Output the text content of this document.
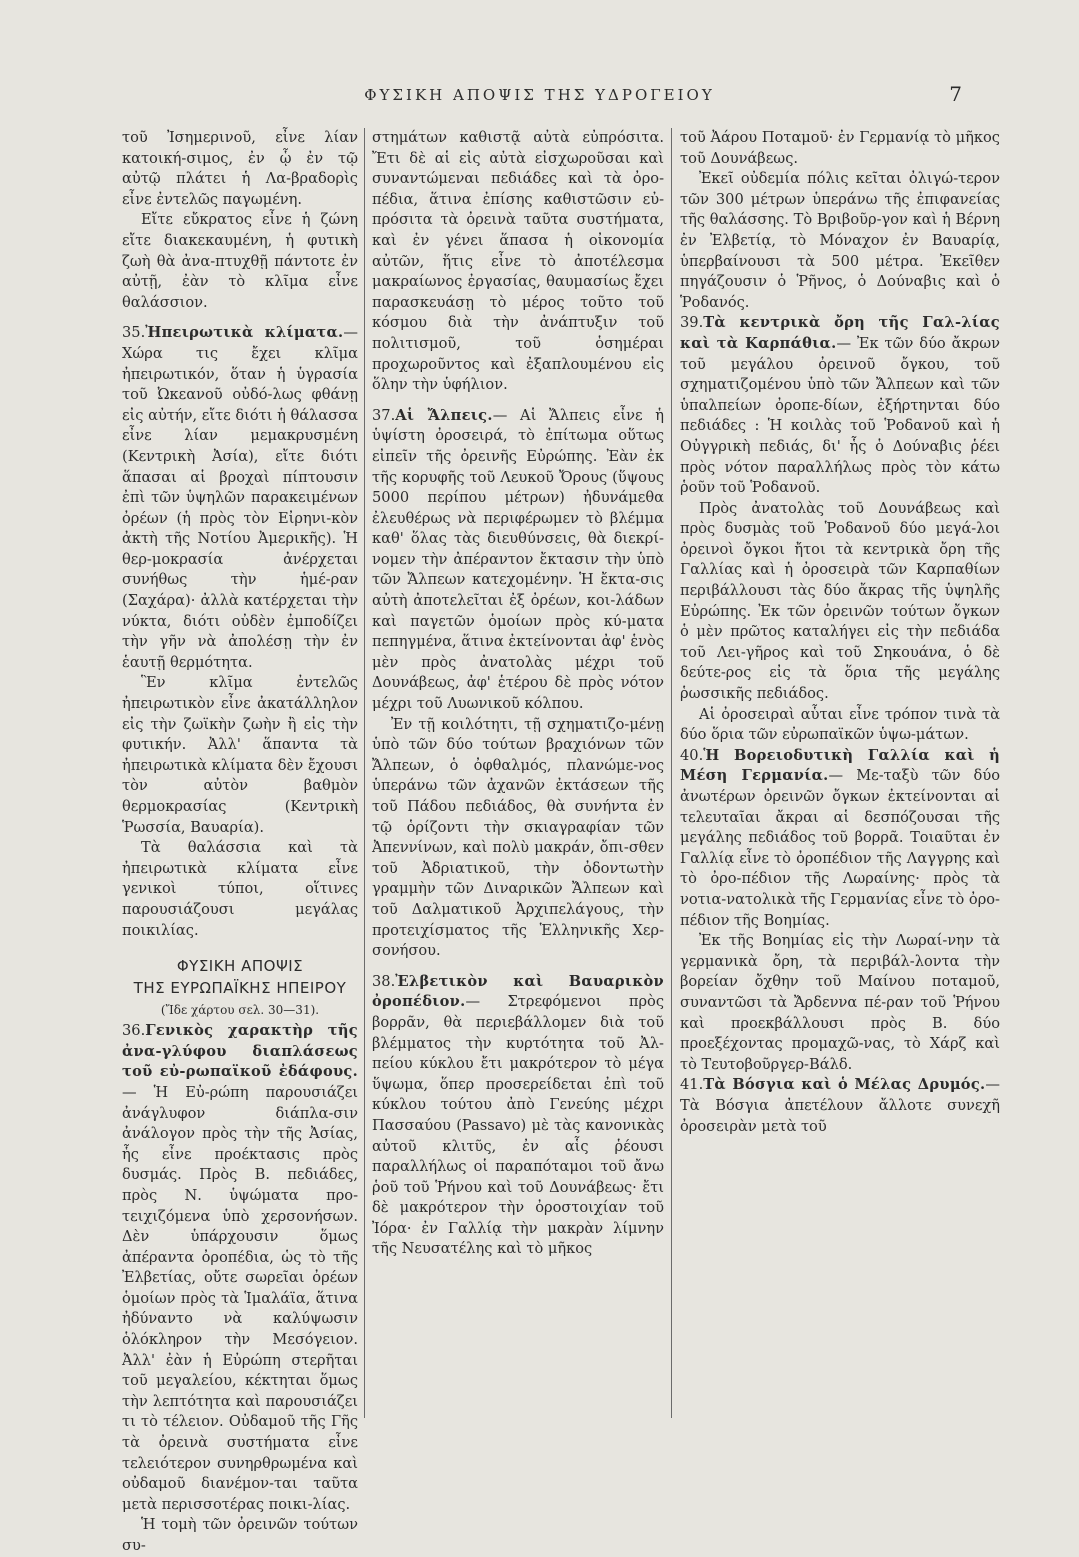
ΦΥΣΙΚΗ ΑΠΟΨΙΣ ΤΗΣ ΥΔΡΟΓΕΙΟΥ	7

τοῦ Ἰσημερινοῦ, εἶνε λίαν κατοική-σιμος, ἐν ᾧ ἐν τῷ αὐτῷ πλάτει ἡ Λα-βραδορὶς εἶνε ἐντελῶς παγωμένη.

Εἴτε εὔκρατος εἶνε ἡ ζώνη εἴτε διακεκαυμένη, ἡ φυτικὴ ζωὴ θὰ ἀνα-πτυχθῇ πάντοτε ἐν αὐτῇ, ἐὰν τὸ κλῖμα εἶνε θαλάσσιον.

35.Ἠπειρωτικὰ κλίματα.— Χώρα τις ἔχει κλῖμα ἠπειρωτικόν, ὅταν ἡ ὑγρασία τοῦ Ὠκεανοῦ οὐδό-λως φθάνῃ εἰς αὐτήν, εἴτε διότι ἡ θάλασσα εἶνε λίαν μεμακρυσμένη (Κεντρικὴ Ἀσία), εἴτε διότι ἅπασαι αἱ βροχαὶ πίπτουσιν ἐπὶ τῶν ὑψηλῶν παρακειμένων ὀρέων (ἡ πρὸς τὸν Εἰρηνι-κὸν ἀκτὴ τῆς Νοτίου Ἀμερικῆς). Ἡ θερ-μοκρασία ἀνέρχεται συνήθως τὴν ἡμέ-ραν (Σαχάρα)· ἀλλὰ κατέρχεται τὴν νύκτα, διότι οὐδὲν ἐμποδίζει τὴν γῆν νὰ ἀπολέσῃ τὴν ἐν ἑαυτῇ θερμότητα.

Ἓν κλῖμα ἐντελῶς ἠπειρωτικὸν εἶνε ἀκατάλληλον εἰς τὴν ζωϊκὴν ζωὴν ἢ εἰς τὴν φυτικήν. Ἀλλ' ἅπαντα τὰ ἠπειρωτικὰ κλίματα δὲν ἔχουσι τὸν αὐτὸν βαθμὸν θερμοκρασίας (Κεντρικὴ Ῥωσσία, Βαυαρία).

Τὰ θαλάσσια καὶ τὰ ἠπειρωτικὰ κλίματα εἶνε γενικοὶ τύποι, οἵτινες παρουσιάζουσι μεγάλας ποικιλίας.

ΦΥΣΙΚΗ ΑΠΟΨΙΣ
ΤΗΣ ΕΥΡΩΠΑΪΚΗΣ ΗΠΕΙΡΟΥ
(Ἴδε χάρτου σελ. 30—31).

36.Γενικὸς χαρακτὴρ τῆς ἀνα-γλύφου διαπλάσεως τοῦ εὐ-ρωπαϊκοῦ ἐδάφους.— Ἡ Εὐ-ρώπη παρουσιάζει ἀνάγλυφον διάπλα-σιν ἀνάλογον πρὸς τὴν τῆς Ἀσίας, ἧς εἶνε προέκτασις πρὸς δυσμάς. Πρὸς Β. πεδιάδες, πρὸς Ν. ὑψώματα προ-τειχιζόμενα ὑπὸ χερσονήσων. Δὲν ὑπάρχουσιν ὅμως ἀπέραντα ὀροπέδια, ὡς τὸ τῆς Ἐλβετίας, οὔτε σωρεῖαι ὀρέων ὁμοίων πρὸς τὰ Ἱμαλάϊα, ἅτινα ἠδύναντο νὰ καλύψωσιν ὁλόκληρον τὴν Μεσόγειον. Ἀλλ' ἐὰν ἡ Εὐρώπη στερῆται τοῦ μεγαλείου, κέκτηται ὅμως τὴν λεπτότητα καὶ παρουσιάζει τι τὸ τέλειον. Οὐδαμοῦ τῆς Γῆς τὰ ὀρεινὰ συστήματα εἶνε τελειότερον συνηρθρωμένα καὶ οὐδαμοῦ διανέμον-ται ταῦτα μετὰ περισσοτέρας ποικι-λίας.

Ἡ τομὴ τῶν ὀρεινῶν τούτων συ-

στημάτων καθιστᾷ αὐτὰ εὐπρόσιτα. Ἔτι δὲ αἱ εἰς αὐτὰ εἰσχωροῦσαι καὶ συναντώμεναι πεδιάδες καὶ τὰ ὀρο-πέδια, ἅτινα ἐπίσης καθιστῶσιν εὐ-πρόσιτα τὰ ὀρεινὰ ταῦτα συστήματα, καὶ ἐν γένει ἅπασα ἡ οἰκονομία αὐτῶν, ἥτις εἶνε τὸ ἀποτέλεσμα μακραίωνος ἐργασίας, θαυμασίως ἔχει παρασκευάσῃ τὸ μέρος τοῦτο τοῦ κόσμου διὰ τὴν ἀνάπτυξιν τοῦ πολιτισμοῦ, τοῦ ὁσημέραι προχωροῦντος καὶ ἐξαπλουμένου εἰς ὅλην τὴν ὑφήλιον.

37.Αἱ Ἄλπεις.— Αἱ Ἄλπεις εἶνε ἡ ὑψίστη ὀροσειρά, τὸ ἐπίτωμα οὕτως εἰπεῖν τῆς ὀρεινῆς Εὐρώπης. Ἐὰν ἐκ τῆς κορυφῆς τοῦ Λευκοῦ Ὄρους (ὕψους 5000 περίπου μέτρων) ἠδυνάμεθα ἐλευθέρως νὰ περιφέρωμεν τὸ βλέμμα καθ' ὅλας τὰς διευθύνσεις, θὰ διεκρί-νομεν τὴν ἀπέραντον ἔκτασιν τὴν ὑπὸ τῶν Ἄλπεων κατεχομένην. Ἡ ἔκτα-σις αὐτὴ ἀποτελεῖται ἐξ ὀρέων, κοι-λάδων καὶ παγετῶν ὁμοίων πρὸς κύ-ματα πεπηγμένα, ἅτινα ἐκτείνονται ἀφ' ἑνὸς μὲν πρὸς ἀνατολὰς μέχρι τοῦ Δουνάβεως, ἀφ' ἑτέρου δὲ πρὸς νότον μέχρι τοῦ Λυωνικοῦ κόλπου.

Ἐν τῇ κοιλότητι, τῇ σχηματιζο-μένῃ ὑπὸ τῶν δύο τούτων βραχιόνων τῶν Ἄλπεων, ὁ ὀφθαλμός, πλανώμε-νος ὑπεράνω τῶν ἀχανῶν ἐκτάσεων τῆς τοῦ Πάδου πεδιάδος, θὰ συνήντα ἐν τῷ ὁρίζοντι τὴν σκιαγραφίαν τῶν Ἀπεννίνων, καὶ πολὺ μακράν, ὄπι-σθεν τοῦ Ἀδριατικοῦ, τὴν ὀδοντωτὴν γραμμὴν τῶν Διναρικῶν Ἄλπεων καὶ τοῦ Δαλματικοῦ Ἀρχιπελάγους, τὴν προτειχίσματος τῆς Ἑλληνικῆς Χερ-σονήσου.

38.Ἐλβετικὸν καὶ Βαυαρικὸν ὀροπέδιον.— Στρεφόμενοι πρὸς βορρᾶν, θὰ περιεβάλλομεν διὰ τοῦ βλέμματος τὴν κυρτότητα τοῦ Ἀλ-πείου κύκλου ἔτι μακρότερον τὸ μέγα ὕψωμα, ὅπερ προσερείδεται ἐπὶ τοῦ κύκλου τούτου ἀπὸ Γενεύης μέχρι Πασσαύου (Passavo) μὲ τὰς κανονικὰς αὐτοῦ κλιτῦς, ἐν αἷς ῥέουσι παραλλήλως οἱ παραπόταμοι τοῦ ἄνω ῥοῦ τοῦ Ῥήνου καὶ τοῦ Δουνάβεως· ἔτι δὲ μακρότερον τὴν ὀροστοιχίαν τοῦ Ἰόρα· ἐν Γαλλίᾳ τὴν μακρὰν λίμνην τῆς Νευσατέλης καὶ τὸ μῆκος

τοῦ Ἀάρου Ποταμοῦ· ἐν Γερμανίᾳ τὸ μῆκος τοῦ Δουνάβεως.

Ἐκεῖ οὐδεμία πόλις κεῖται ὀλιγώ-τερον τῶν 300 μέτρων ὑπεράνω τῆς ἐπιφανείας τῆς θαλάσσης. Τὸ Βριβοῦρ-γον καὶ ἡ Βέρνη ἐν Ἐλβετίᾳ, τὸ Μόναχον ἐν Βαυαρίᾳ, ὑπερβαίνουσι τὰ 500 μέτρα. Ἐκεῖθεν πηγάζουσιν ὁ Ῥῆνος, ὁ Δούναβις καὶ ὁ Ῥοδανός.

39.Τὰ κεντρικὰ ὄρη τῆς Γαλ-λίας καὶ τὰ Καρπάθια.— Ἐκ τῶν δύο ἄκρων τοῦ μεγάλου ὀρεινοῦ ὄγκου, τοῦ σχηματιζομένου ὑπὸ τῶν Ἄλπεων καὶ τῶν ὑπαλπείων ὀροπε-δίων, ἐξήρτηνται δύο πεδιάδες : Ἡ κοιλὰς τοῦ Ῥοδανοῦ καὶ ἡ Οὐγγρικὴ πεδιάς, δι' ἧς ὁ Δούναβις ῥέει πρὸς νότον παραλλήλως πρὸς τὸν κάτω ῥοῦν τοῦ Ῥοδανοῦ.

Πρὸς ἀνατολὰς τοῦ Δουνάβεως καὶ πρὸς δυσμὰς τοῦ Ῥοδανοῦ δύο μεγά-λοι ὀρεινοὶ ὄγκοι ἤτοι τὰ κεντρικὰ ὄρη τῆς Γαλλίας καὶ ἡ ὀροσειρὰ τῶν Καρπαθίων περιβάλλουσι τὰς δύο ἄκρας τῆς ὑψηλῆς Εὐρώπης. Ἐκ τῶν ὀρεινῶν τούτων ὄγκων ὁ μὲν πρῶτος καταλήγει εἰς τὴν πεδιάδα τοῦ Λει-γῆρος καὶ τοῦ Σηκουάνα, ὁ δὲ δεύτε-ρος εἰς τὰ ὅρια τῆς μεγάλης ῥωσσικῆς πεδιάδος.

Αἱ ὀροσειραὶ αὗται εἶνε τρόπον τινὰ τὰ δύο ὅρια τῶν εὐρωπαϊκῶν ὑψω-μάτων.

40.Ἡ Βορειοδυτικὴ Γαλλία καὶ ἡ Μέση Γερμανία.— Με-ταξὺ τῶν δύο ἀνωτέρων ὀρεινῶν ὄγκων ἐκτείνονται αἱ τελευταῖαι ἄκραι αἱ δεσπόζουσαι τῆς μεγάλης πεδιάδος τοῦ βορρᾶ. Τοιαῦται ἐν Γαλλίᾳ εἶνε τὸ ὀροπέδιον τῆς Λαγγρης καὶ τὸ ὀρο-πέδιον τῆς Λωραίνης· πρὸς τὰ νοτια-νατολικὰ τῆς Γερμανίας εἶνε τὸ ὀρο-πέδιον τῆς Βοημίας.

Ἐκ τῆς Βοημίας εἰς τὴν Λωραί-νην τὰ γερμανικὰ ὄρη, τὰ περιβάλ-λοντα τὴν βορείαν ὄχθην τοῦ Μαίνου ποταμοῦ, συναντῶσι τὰ Ἄρδεννα πέ-ραν τοῦ Ῥήνου καὶ προεκβάλλουσι πρὸς Β. δύο προεξέχοντας προμαχῶ-νας, τὸ Χάρζ καὶ τὸ Τευτοβοῦργερ-Βάλδ.

41.Τὰ Βόσγια καὶ ὁ Μέλας Δρυμός.— Τὰ Βόσγια ἀπετέλουν ἄλλοτε συνεχῆ ὀροσειρὰν μετὰ τοῦ
